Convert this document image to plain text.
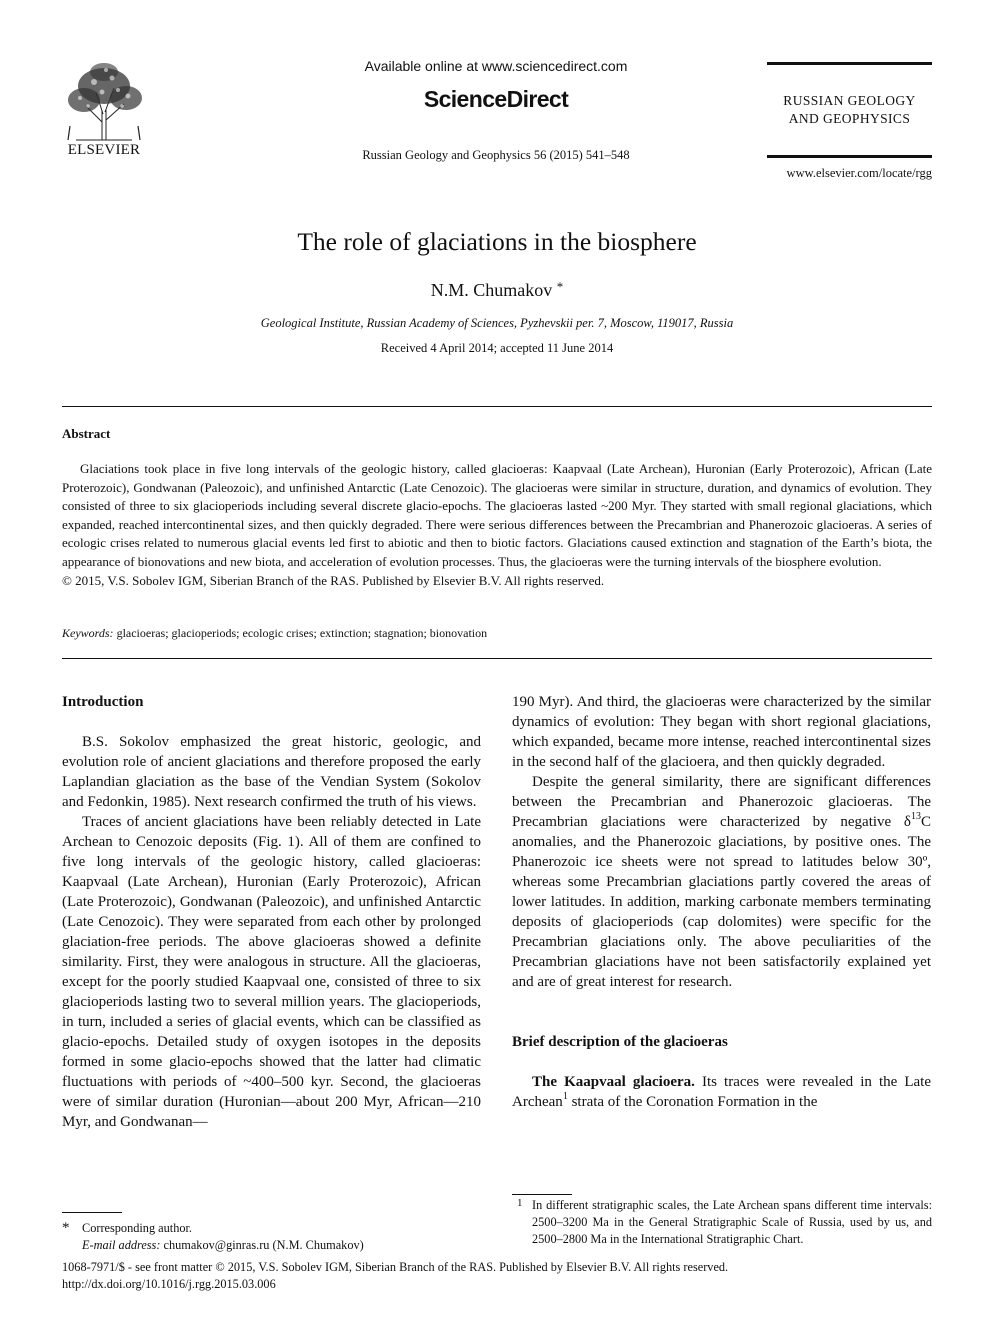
ELSEVIER
Available online at www.sciencedirect.com
ScienceDirect
Russian Geology and Geophysics 56 (2015) 541–548
RUSSIAN GEOLOGY
AND GEOPHYSICS
www.elsevier.com/locate/rgg
The role of glaciations in the biosphere
N.M. Chumakov *
Geological Institute, Russian Academy of Sciences, Pyzhevskii per. 7, Moscow, 119017, Russia
Received 4 April 2014; accepted 11 June 2014
Abstract

Glaciations took place in five long intervals of the geologic history, called glacioeras: Kaapvaal (Late Archean), Huronian (Early Proterozoic), African (Late Proterozoic), Gondwanan (Paleozoic), and unfinished Antarctic (Late Cenozoic). The glacioeras were similar in structure, duration, and dynamics of evolution. They consisted of three to six glacioperiods including several discrete glacio-epochs. The glacioeras lasted ~200 Myr. They started with small regional glaciations, which expanded, reached intercontinental sizes, and then quickly degraded. There were serious differences between the Precambrian and Phanerozoic glacioeras. A series of ecologic crises related to numerous glacial events led first to abiotic and then to biotic factors. Glaciations caused extinction and stagnation of the Earth’s biota, the appearance of bionovations and new biota, and acceleration of evolution processes. Thus, the glacioeras were the turning intervals of the biosphere evolution.

© 2015, V.S. Sobolev IGM, Siberian Branch of the RAS. Published by Elsevier B.V. All rights reserved.

Keywords: glacioeras; glacioperiods; ecologic crises; extinction; stagnation; bionovation

Introduction

B.S. Sokolov emphasized the great historic, geologic, and evolution role of ancient glaciations and therefore proposed the early Laplandian glaciation as the base of the Vendian System (Sokolov and Fedonkin, 1985). Next research confirmed the truth of his views.

Traces of ancient glaciations have been reliably detected in Late Archean to Cenozoic deposits (Fig. 1). All of them are confined to five long intervals of the geologic history, called glacioeras: Kaapvaal (Late Archean), Huronian (Early Proterozoic), African (Late Proterozoic), Gondwanan (Paleozoic), and unfinished Antarctic (Late Cenozoic). They were separated from each other by prolonged glaciation-free periods. The above glacioeras showed a definite similarity. First, they were analogous in structure. All the glacioeras, except for the poorly studied Kaapvaal one, consisted of three to six glacioperiods lasting two to several million years. The glacioperiods, in turn, included a series of glacial events, which can be classified as glacio-epochs. Detailed study of oxygen isotopes in the deposits formed in some glacio-epochs showed that the latter had climatic fluctuations with periods of ~400–500 kyr. Second, the glacioeras were of similar duration (Huronian—about 200 Myr, African—210 Myr, and Gondwanan—

190 Myr). And third, the glacioeras were characterized by the similar dynamics of evolution: They began with short regional glaciations, which expanded, became more intense, reached intercontinental sizes in the second half of the glacioera, and then quickly degraded.

Despite the general similarity, there are significant differences between the Precambrian and Phanerozoic glacioeras. The Precambrian glaciations were characterized by negative δ$^{13}$C anomalies, and the Phanerozoic glaciations, by positive ones. The Phanerozoic ice sheets were not spread to latitudes below 30º, whereas some Precambrian glaciations partly covered the areas of lower latitudes. In addition, marking carbonate members terminating deposits of glacioperiods (cap dolomites) were specific for the Precambrian glaciations only. The above peculiarities of the Precambrian glaciations have not been satisfactorily explained yet and are of great interest for research.

Brief description of the glacioeras

The Kaapvaal glacioera. Its traces were revealed in the Late Archean$^1$ strata of the Coronation Formation in the

* Corresponding author.
E-mail address: chumakov@ginras.ru (N.M. Chumakov)
1 In different stratigraphic scales, the Late Archean spans different time intervals: 2500–3200 Ma in the General Stratigraphic Scale of Russia, used by us, and 2500–2800 Ma in the International Stratigraphic Chart.
1068-7971/$ - see front matter © 2015, V.S. Sobolev IGM, Siberian Branch of the RAS. Published by Elsevier B.V. All rights reserved.
http://dx.doi.org/10.1016/j.rgg.2015.03.006
